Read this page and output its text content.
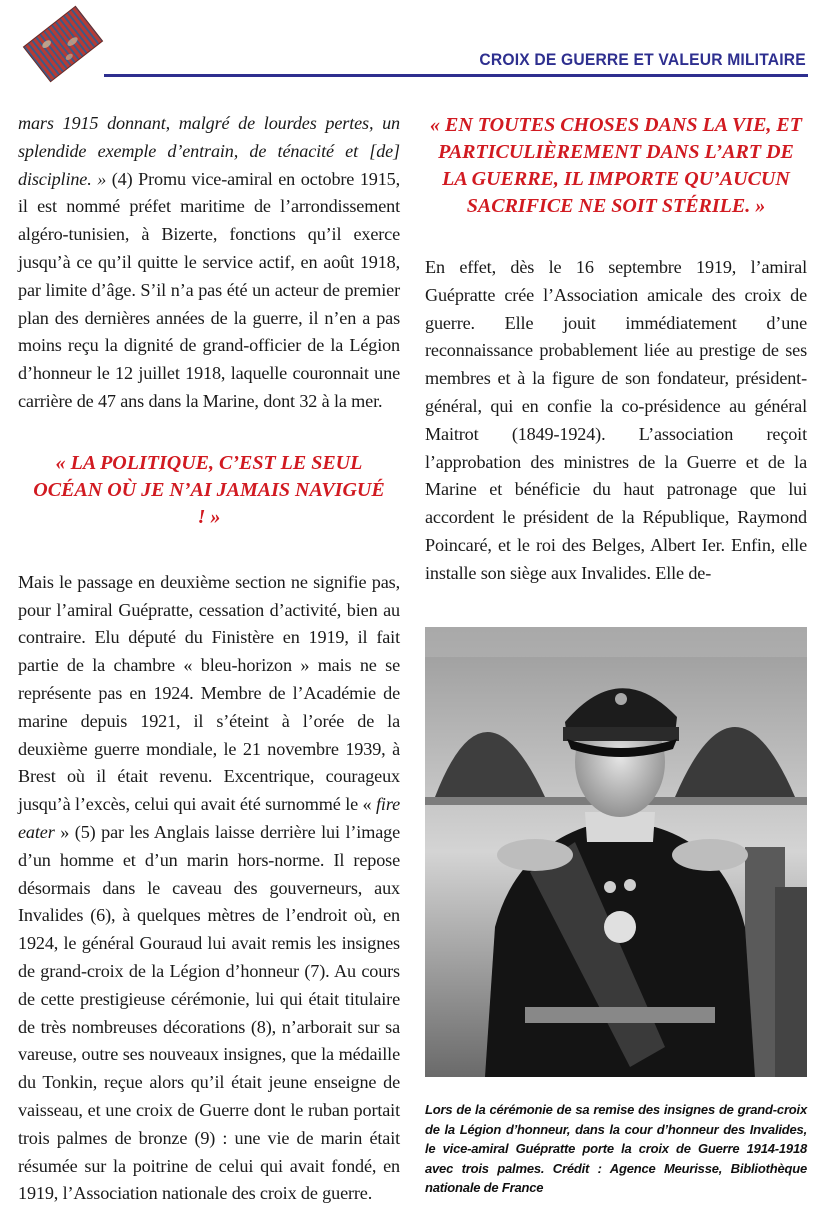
CROIX DE GUERRE ET VALEUR MILITAIRE

mars 1915 donnant, malgré de lourdes pertes, un splendide exemple d’entrain, de ténacité et [de] discipline. » (4) Promu vice-amiral en octobre 1915, il est nommé préfet maritime de l’arrondissement algéro-tunisien, à Bizerte, fonctions qu’il exerce jusqu’à ce qu’il quitte le service actif, en août 1918, par limite d’âge. S’il n’a pas été un acteur de premier plan des dernières années de la guerre, il n’en a pas moins reçu la dignité de grand-officier de la Légion d’honneur le 12 juillet 1918, laquelle couronnait une carrière de 47 ans dans la Marine, dont 32 à la mer.

« LA POLITIQUE, C’EST LE SEUL OCÉAN OÙ JE N’AI JAMAIS NAVIGUÉ ! »

Mais le passage en deuxième section ne signifie pas, pour l’amiral Guépratte, cessation d’activité, bien au contraire. Elu député du Finistère en 1919, il fait partie de la chambre « bleu-horizon » mais ne se représente pas en 1924. Membre de l’Académie de marine depuis 1921, il s’éteint à l’orée de la deuxième guerre mondiale, le 21 novembre 1939, à Brest où il était revenu. Excentrique, courageux jusqu’à l’excès, celui qui avait été surnommé le « fire eater » (5) par les Anglais laisse derrière lui l’image d’un homme et d’un marin hors-norme. Il repose désormais dans le caveau des gouverneurs, aux Invalides (6), à quelques mètres de l’endroit où, en 1924, le général Gouraud lui avait remis les insignes de grand-croix de la Légion d’honneur (7). Au cours de cette prestigieuse cérémonie, lui qui était titulaire de très nombreuses décorations (8), n’arborait sur sa vareuse, outre ses nouveaux insignes, que la médaille du Tonkin, reçue alors qu’il était jeune enseigne de vaisseau, et une croix de Guerre dont le ruban portait trois palmes de bronze (9) : une vie de marin était résumée sur la poitrine de celui qui avait fondé, en 1919, l’Association nationale des croix de guerre.

« EN TOUTES CHOSES DANS LA VIE, ET PARTICULIÈREMENT DANS L’ART DE LA GUERRE, IL IMPORTE QU’AUCUN SACRIFICE NE SOIT STÉRILE. »

En effet, dès le 16 septembre 1919, l’amiral Guépratte crée l’Association amicale des croix de guerre. Elle jouit immédiatement d’une reconnaissance probablement liée au prestige de ses membres et à la figure de son fondateur, président-général, qui en confie la co-présidence au général Maitrot (1849-1924). L’association reçoit l’approbation des ministres de la Guerre et de la Marine et bénéficie du haut patronage que lui accordent le président de la République, Raymond Poincaré, et le roi des Belges, Albert Ier. Enfin, elle installe son siège aux Invalides. Elle de-

Lors de la cérémonie de sa remise des insignes de grand-croix de la Légion d’honneur, dans la cour d’honneur des Invalides, le vice-amiral Guépratte porte la croix de Guerre 1914-1918 avec trois palmes. Crédit : Agence Meurisse, Bibliothèque nationale de France
